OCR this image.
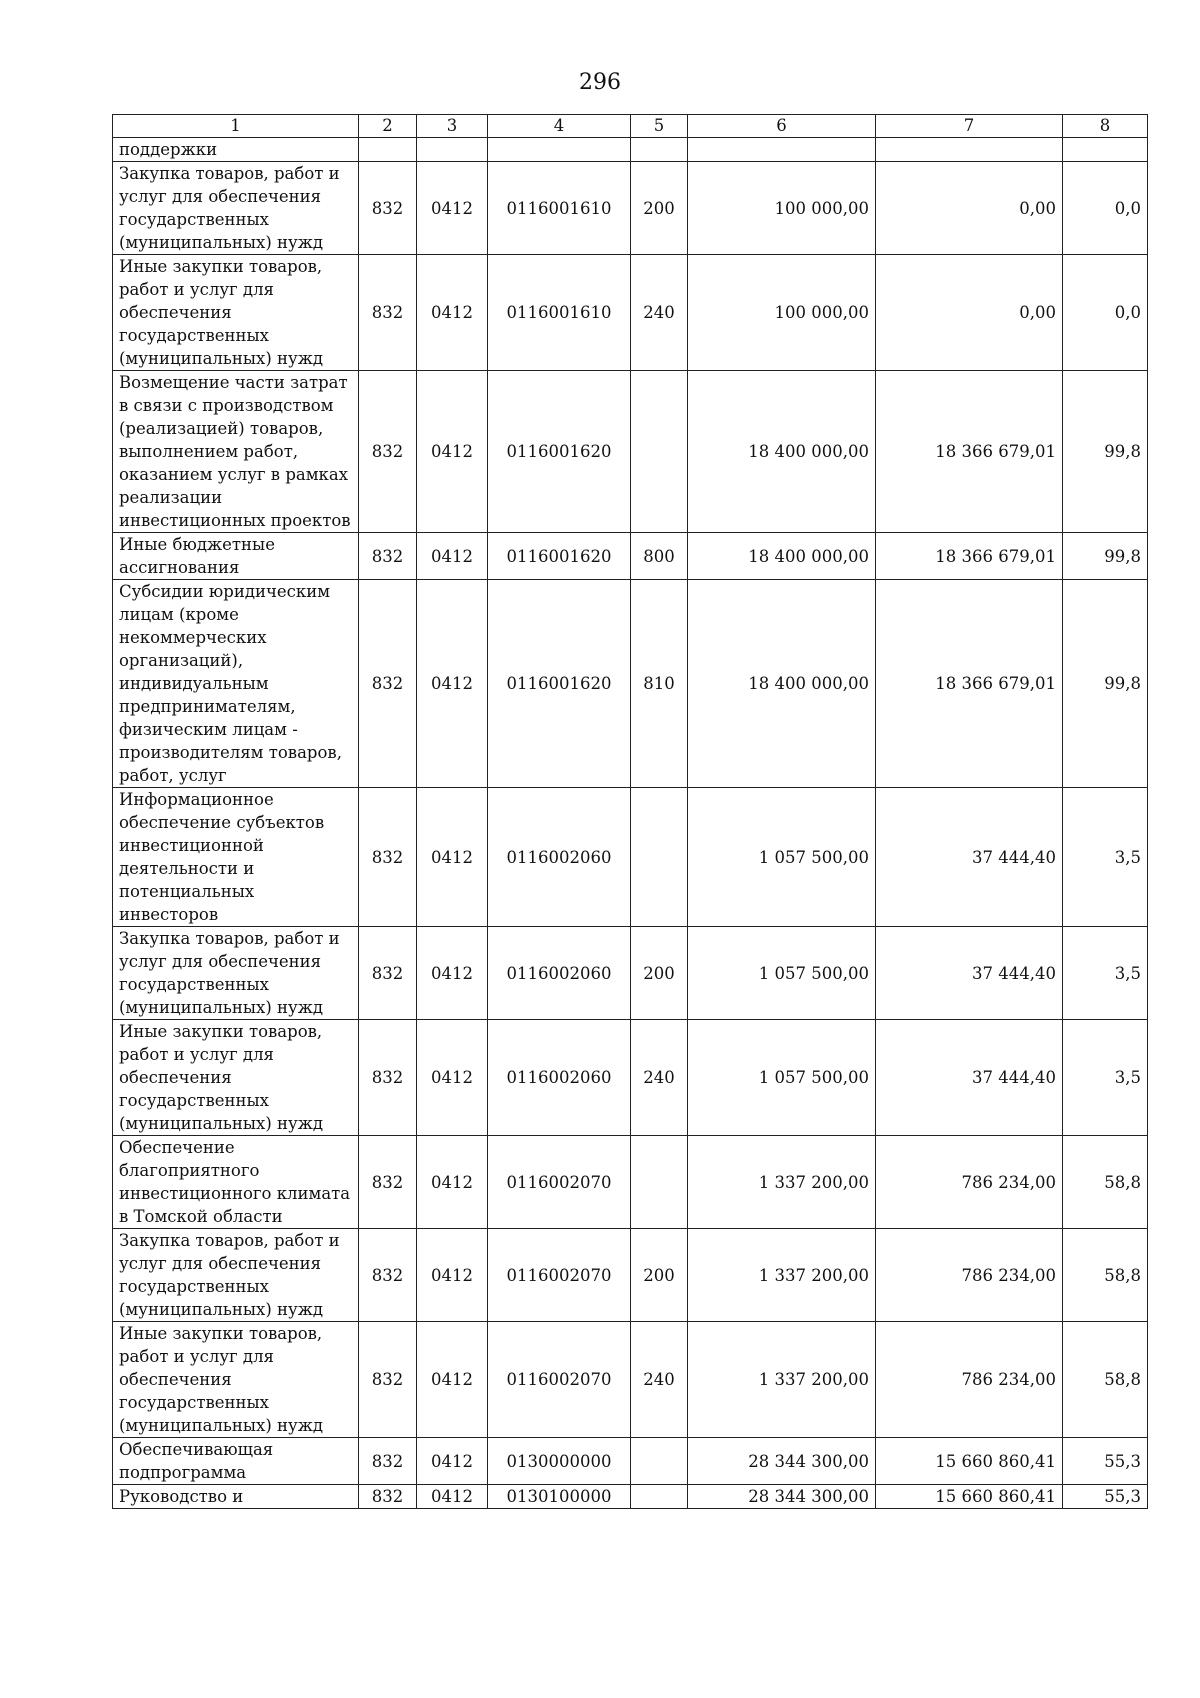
296
1	2	3	4	5	6	7	8
поддержки							
Закупка товаров, работ и услуг для обеспечения государственных (муниципальных) нужд	832	0412	0116001610	200	100 000,00	0,00	0,0
Иные закупки товаров, работ и услуг для обеспечения государственных (муниципальных) нужд	832	0412	0116001610	240	100 000,00	0,00	0,0
Возмещение части затрат в связи с производством (реализацией) товаров, выполнением работ, оказанием услуг в рамках реализации инвестиционных проектов	832	0412	0116001620		18 400 000,00	18 366 679,01	99,8
Иные бюджетные ассигнования	832	0412	0116001620	800	18 400 000,00	18 366 679,01	99,8
Субсидии юридическим лицам (кроме некоммерческих организаций), индивидуальным предпринимателям, физическим лицам - производителям товаров, работ, услуг	832	0412	0116001620	810	18 400 000,00	18 366 679,01	99,8
Информационное обеспечение субъектов инвестиционной деятельности и потенциальных инвесторов	832	0412	0116002060		1 057 500,00	37 444,40	3,5
Закупка товаров, работ и услуг для обеспечения государственных (муниципальных) нужд	832	0412	0116002060	200	1 057 500,00	37 444,40	3,5
Иные закупки товаров, работ и услуг для обеспечения государственных (муниципальных) нужд	832	0412	0116002060	240	1 057 500,00	37 444,40	3,5
Обеспечение благоприятного инвестиционного климата в Томской области	832	0412	0116002070		1 337 200,00	786 234,00	58,8
Закупка товаров, работ и услуг для обеспечения государственных (муниципальных) нужд	832	0412	0116002070	200	1 337 200,00	786 234,00	58,8
Иные закупки товаров, работ и услуг для обеспечения государственных (муниципальных) нужд	832	0412	0116002070	240	1 337 200,00	786 234,00	58,8
Обеспечивающая подпрограмма	832	0412	0130000000		28 344 300,00	15 660 860,41	55,3
Руководство и	832	0412	0130100000		28 344 300,00	15 660 860,41	55,3
